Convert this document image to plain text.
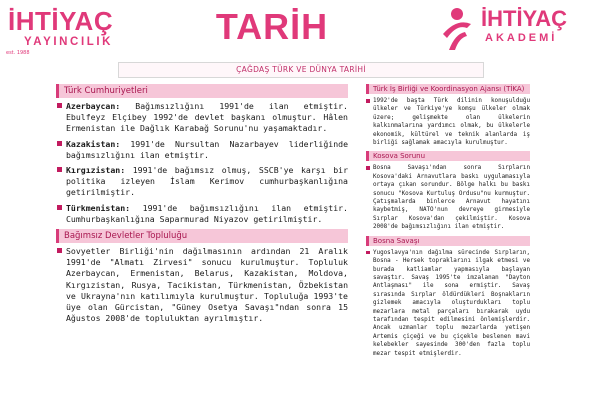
İHTİYAÇ
YAYINCILIK
est. 1988
TARİH	İHTİYAÇ
AKADEMİ
ÇAĞDAŞ TÜRK VE DÜNYA TARİHİ
Türk Cumhuriyetleri
Azerbaycan: Bağımsızlığını 1991'de ilan etmiştir. Ebulfeyz Elçibey 1992'de devlet başkanı olmuştur. Hâlen Ermenistan ile Dağlık Karabağ Sorunu'nu yaşamaktadır.
Kazakistan: 1991'de Nursultan Nazarbayev liderliğinde bağımsızlığını ilan etmiştir.
Kırgızistan: 1991'de bağımsız olmuş, SSCB'ye karşı bir politika izleyen İslam Kerimov cumhurbaşkanlığına getirilmiştir.
Türkmenistan: 1991'de bağımsızlığını ilan etmiştir. Cumhurbaşkanlığına Saparmurad Niyazov getirilmiştir.
Bağımsız Devletler Topluluğu
Sovyetler Birliği'nin dağılmasının ardından 21 Aralık 1991'de "Almatı Zirvesi" sonucu kurulmuştur. Topluluk Azerbaycan, Ermenistan, Belarus, Kazakistan, Moldova, Kırgızistan, Rusya, Tacikistan, Türkmenistan, Özbekistan ve Ukrayna'nın katılımıyla kurulmuştur. Topluluğa 1993'te üye olan Gürcistan, "Güney Osetya Savaşı"ndan sonra 15 Ağustos 2008'de topluluktan ayrılmıştır.
Türk İş Birliği ve Koordinasyon Ajansı (TİKA)
1992'de başta Türk dilinin konuşulduğu ülkeler ve Türkiye'ye komşu ülkeler olmak üzere; gelişmekte olan ülkelerin kalkınmalarına yardımcı olmak, bu ülkelerle ekonomik, kültürel ve teknik alanlarda iş birliği sağlamak amacıyla kurulmuştur.
Kosova Sorunu
Bosna Savaşı'ndan sonra Sırpların Kosova'daki Arnavutlara baskı uygulamasıyla ortaya çıkan sorundur. Bölge halkı bu baskı sonucu "Kosova Kurtuluş Ordusu"nu kurmuştur. Çatışmalarda binlerce Arnavut hayatını kaybetmiş, NATO'nun devreye girmesiyle Sırplar Kosova'dan çekilmiştir. Kosova 2008'de bağımsızlığını ilan etmiştir.
Bosna Savaşı
Yugoslavya'nın dağılma sürecinde Sırpların, Bosna - Hersek topraklarını ilgak etmesi ve burada katliamlar yapmasıyla başlayan savaştır. Savaş 1995'te imzalanan "Dayton Antlaşması" ile sona ermiştir. Savaş sırasında Sırplar öldürdükleri Boşnakların gizlemek amacıyla oluşturdukları toplu mezarlara metal parçaları bırakarak uydu tarafından tespit edilmesini önlemişlerdir. Ancak uzmanlar toplu mezarlarda yetişen Artemis çiçeği ve bu çiçekle beslenen mavi kelebekler sayesinde 300'den fazla toplu mezar tespit etmişlerdir.
